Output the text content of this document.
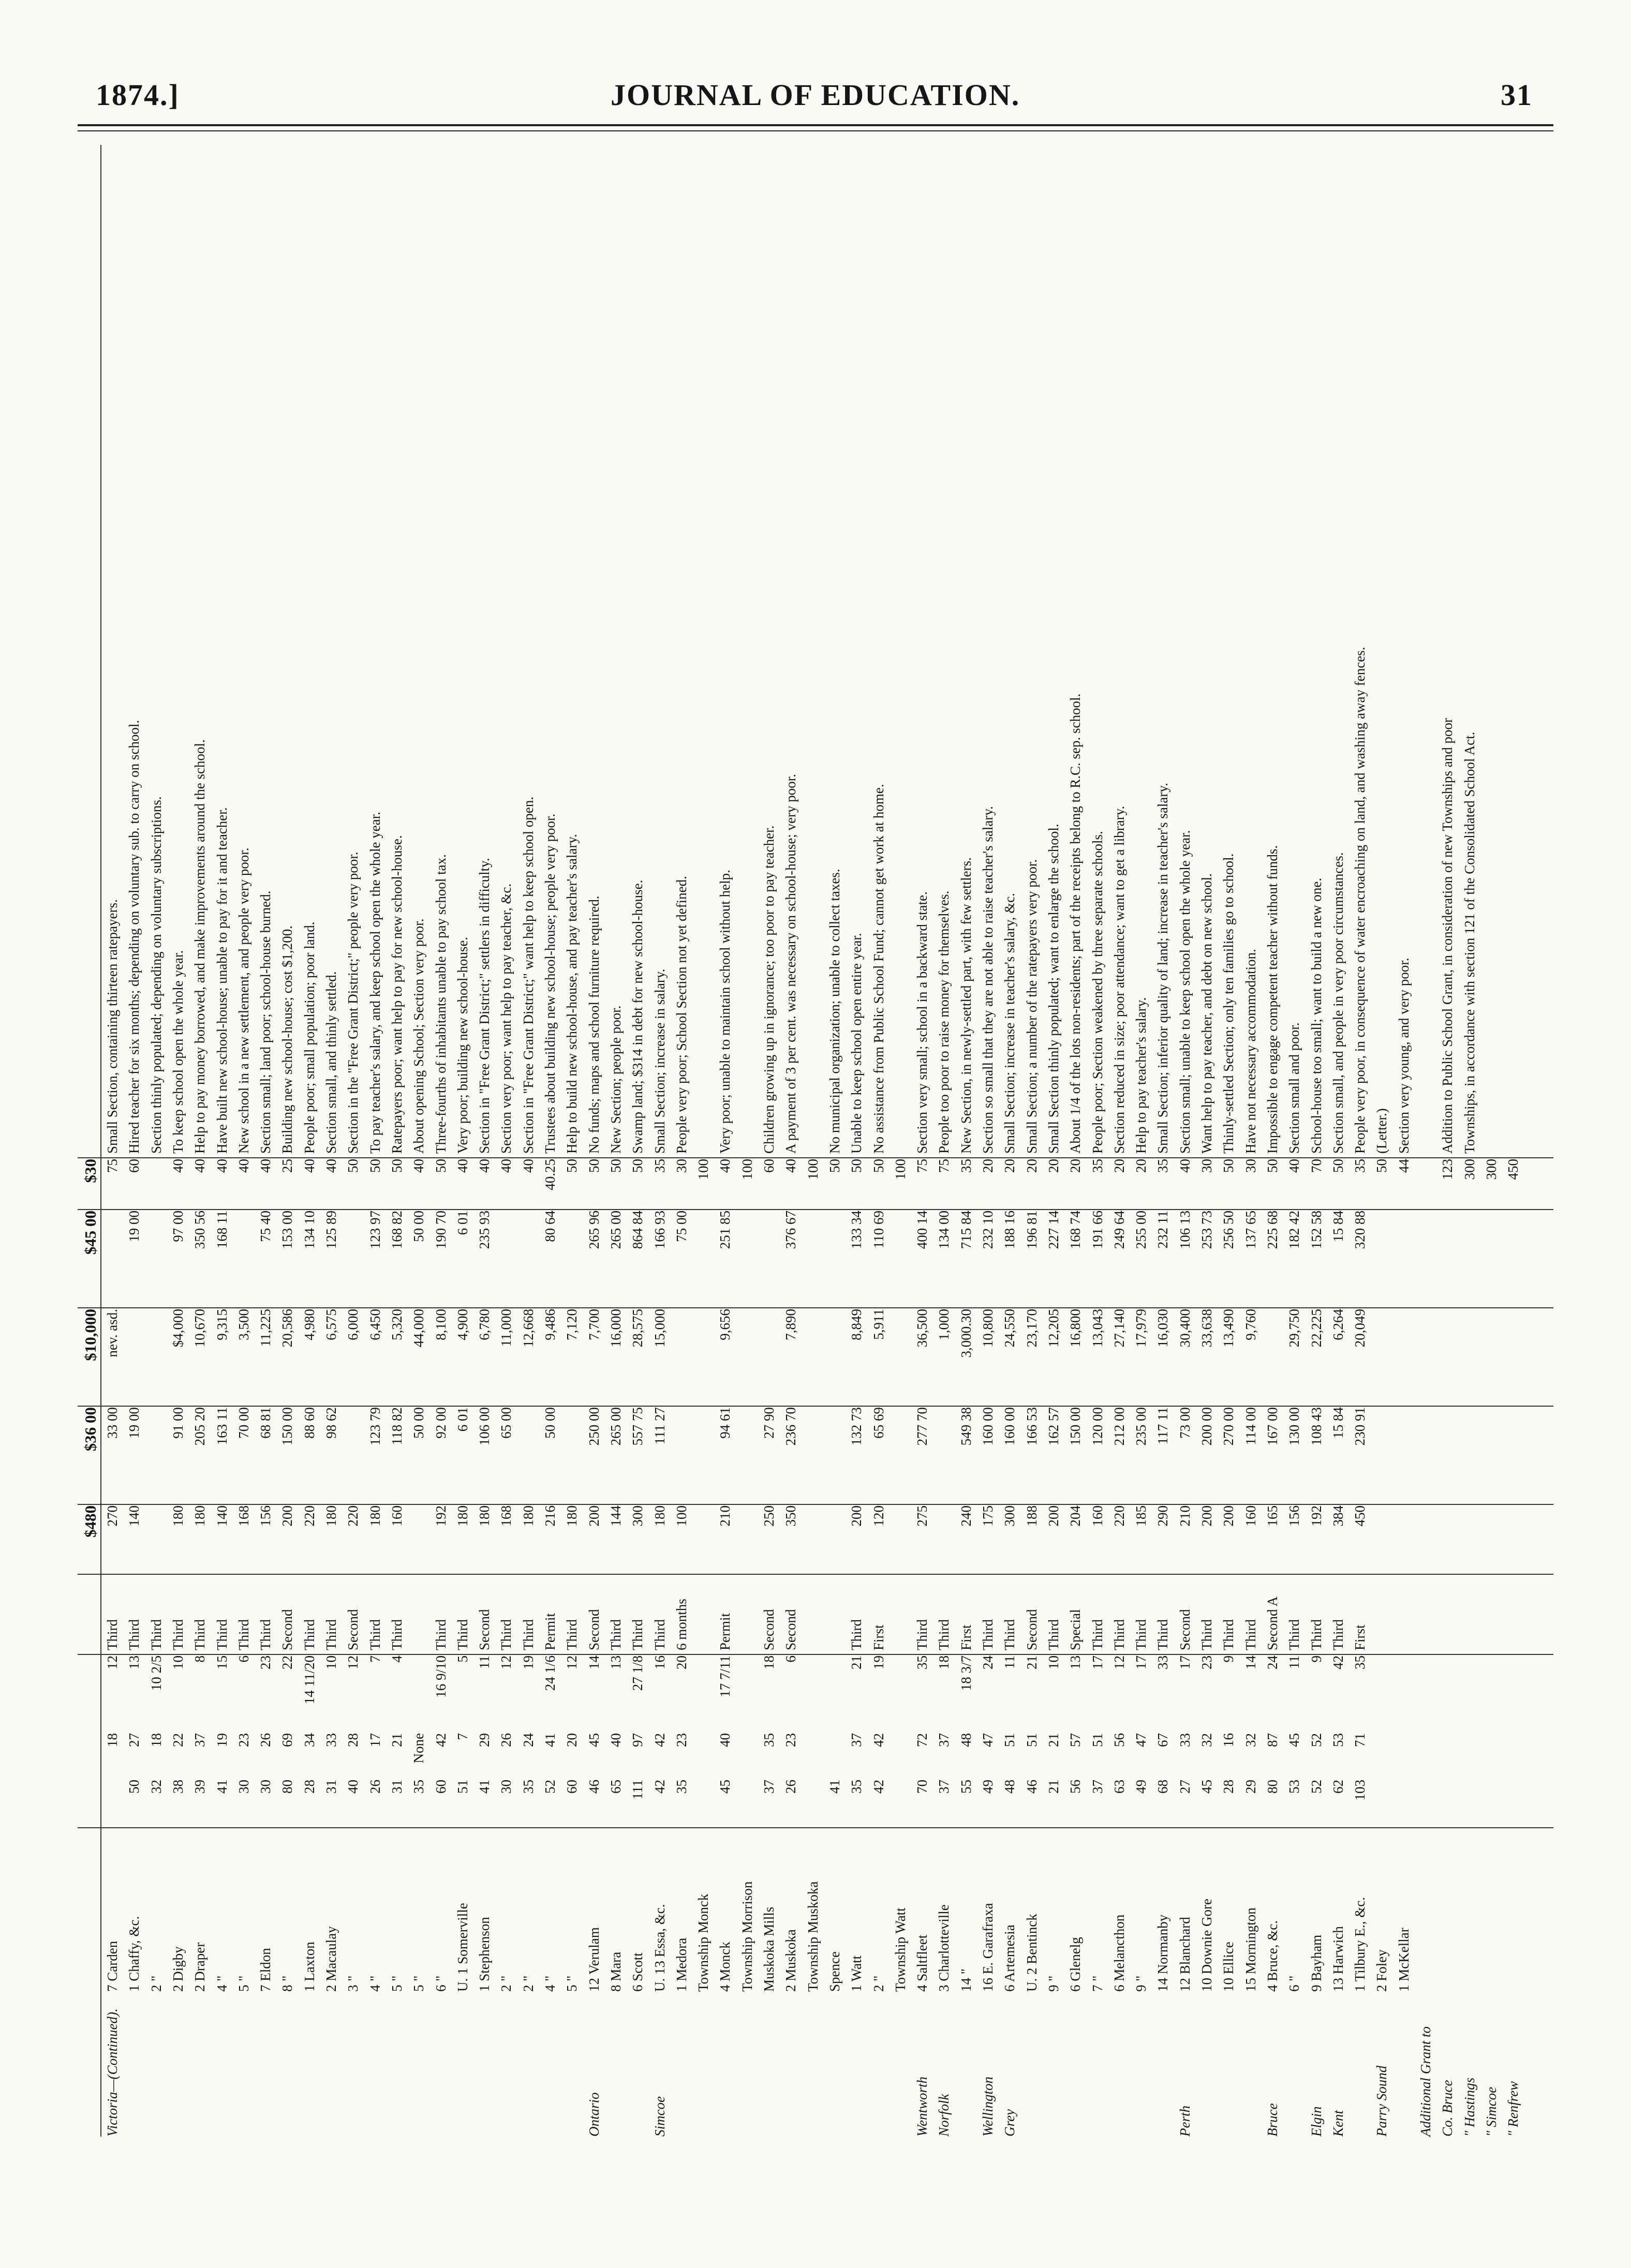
1874.]	JOURNAL OF EDUCATION.	31
$480
$36 00
$10,000
$45 00
$30
Victoria—(Continued).
7 Carden
18
12
Third
270
33 00
nev. asd.
75
Small Section, containing thirteen ratepayers.
1 Chaffy, &c.
50
27
13
Third
140
19 00
19 00
60
Hired teacher for six months; depending on voluntary sub. to carry on school.
2 "
32
18
10 2/5
Third
Section thinly populated; depending on voluntary subscriptions.
2 Digby
38
22
10
Third
180
91 00
$4,000
97 00
40
To keep school open the whole year.
2 Draper
39
37
8
Third
180
205 20
10,670
350 56
40
Help to pay money borrowed, and make improvements around the school.
4 "
41
19
15
Third
140
163 11
9,315
168 11
40
Have built new school-house; unable to pay for it and teacher.
5 "
30
23
6
Third
168
70 00
3,500
40
New school in a new settlement, and people very poor.
7 Eldon
30
26
23
Third
156
68 81
11,225
75 40
40
Section small; land poor; school-house burned.
8 "
80
69
22
Second
200
150 00
20,586
153 00
25
Building new school-house; cost $1,200.
1 Laxton
28
34
14 11/20
Third
220
88 60
4,980
134 10
40
People poor; small population; poor land.
2 Macaulay
31
33
10
Third
180
98 62
6,575
125 89
40
Section small, and thinly settled.
3 "
40
28
12
Second
220
6,000
50
Section in the "Free Grant District;" people very poor.
4 "
26
17
7
Third
180
123 79
6,450
123 97
50
To pay teacher's salary, and keep school open the whole year.
5 "
31
21
4
Third
160
118 82
5,320
168 82
50
Ratepayers poor; want help to pay for new school-house.
5 "
35
None
50 00
44,000
50 00
40
About opening School; Section very poor.
6 "
60
42
16 9/10
Third
192
92 00
8,100
190 70
50
Three-fourths of inhabitants unable to pay school tax.
U. 1 Somerville
51
7
5
Third
180
6 01
4,900
6 01
40
Very poor; building new school-house.
1 Stephenson
41
29
11
Second
180
106 00
6,780
235 93
40
Section in "Free Grant District;" settlers in difficulty.
2 "
30
26
12
Third
168
65 00
11,000
40
Section very poor; want help to pay teacher, &c.
2 "
35
24
19
Third
180
12,668
40
Section in "Free Grant District;" want help to keep school open.
4 "
52
41
24 1/6
Permit
216
50 00
9,486
80 64
40.25
Trustees about building new school-house; people very poor.
5 "
60
20
12
Third
180
7,120
50
Help to build new school-house, and pay teacher's salary.
Ontario
12 Verulam
46
45
14
Second
200
250 00
7,700
265 96
50
No funds; maps and school furniture required.
8 Mara
65
40
13
Third
144
265 00
16,000
265 00
50
New Section; people poor.
6 Scott
111
97
27 1/8
Third
300
557 75
28,575
864 84
50
Swamp land; $314 in debt for new school-house.
Simcoe
U. 13 Essa, &c.
42
42
16
Third
180
111 27
15,000
166 93
35
Small Section; increase in salary.
1 Medora
35
23
20
6 months
100
75 00
30
People very poor; School Section not yet defined.
Township Monck
100
4 Monck
45
40
17 7/11
Permit
210
94 61
9,656
251 85
40
Very poor; unable to maintain school without help.
Township Morrison
100
Muskoka Mills
37
35
18
Second
250
27 90
60
Children growing up in ignorance; too poor to pay teacher.
2 Muskoka
26
23
6
Second
350
236 70
7,890
376 67
40
A payment of 3 per cent. was necessary on school-house; very poor.
Township Muskoka
100
Spence
41
50
No municipal organization; unable to collect taxes.
1 Watt
35
37
21
Third
200
132 73
8,849
133 34
50
Unable to keep school open entire year.
2 "
42
42
19
First
120
65 69
5,911
110 69
50
No assistance from Public School Fund; cannot get work at home.
Township Watt
100
Wentworth
4 Saltfleet
70
72
35
Third
275
277 70
36,500
400 14
75
Section very small; school in a backward state.
Norfolk
3 Charlotteville
37
37
18
Third
1,000
134 00
75
People too poor to raise money for themselves.
14 "
55
48
18 3/7
First
240
549 38
3,000.30
715 84
35
New Section, in newly-settled part, with few settlers.
Wellington
16 E. Garafraxa
49
47
24
Third
175
160 00
10,800
232 10
20
Section so small that they are not able to raise teacher's salary.
Grey
6 Artemesia
48
51
11
Third
300
160 00
24,550
188 16
20
Small Section; increase in teacher's salary, &c.
U. 2 Bentinck
46
51
21
Second
188
166 53
23,170
196 81
20
Small Section; a number of the ratepayers very poor.
9 "
21
21
10
Third
200
162 57
12,205
227 14
20
Small Section thinly populated; want to enlarge the school.
6 Glenelg
56
57
13
Special
204
150 00
16,800
168 74
20
About 1/4 of the lots non-residents; part of the receipts belong to R.C. sep. school.
7 "
37
51
17
Third
160
120 00
13,043
191 66
35
People poor; Section weakened by three separate schools.
6 Melancthon
63
56
12
Third
220
212 00
27,140
249 64
20
Section reduced in size; poor attendance; want to get a library.
9 "
49
47
17
Third
185
235 00
17,979
255 00
20
Help to pay teacher's salary.
14 Normanby
68
67
33
Third
290
117 11
16,030
232 11
35
Small Section; inferior quality of land; increase in teacher's salary.
Perth
12 Blanchard
27
33
17
Second
210
73 00
30,400
106 13
40
Section small; unable to keep school open the whole year.
10 Downie Gore
45
32
23
Third
200
200 00
33,638
253 73
30
Want help to pay teacher, and debt on new school.
10 Ellice
28
16
9
Third
200
270 00
13,490
256 50
50
Thinly-settled Section; only ten families go to school.
15 Mornington
29
32
14
Third
160
114 00
9,760
137 65
30
Have not necessary accommodation.
Bruce
4 Bruce, &c.
80
87
24
Second A
165
167 00
225 68
50
Impossible to engage competent teacher without funds.
6 "
53
45
11
Third
156
130 00
29,750
182 42
40
Section small and poor.
Elgin
9 Bayham
52
52
9
Third
192
108 43
22,225
152 58
70
School-house too small; want to build a new one.
Kent
13 Harwich
62
53
42
Third
384
15 84
6,264
15 84
50
Section small, and people in very poor circumstances.
1 Tilbury E., &c.
103
71
35
First
450
230 91
20,049
320 88
35
People very poor, in consequence of water encroaching on land, and washing away fences.
Parry Sound
2 Foley
50
(Letter.)
1 McKellar
44
Section very young, and very poor.
Additional Grant to Co. Bruce
123
Addition to Public School Grant, in consideration of new Townships and poor
" Hastings
300
Townships, in accordance with section 121 of the Consolidated School Act.
" Simcoe
300
" Renfrew
450
